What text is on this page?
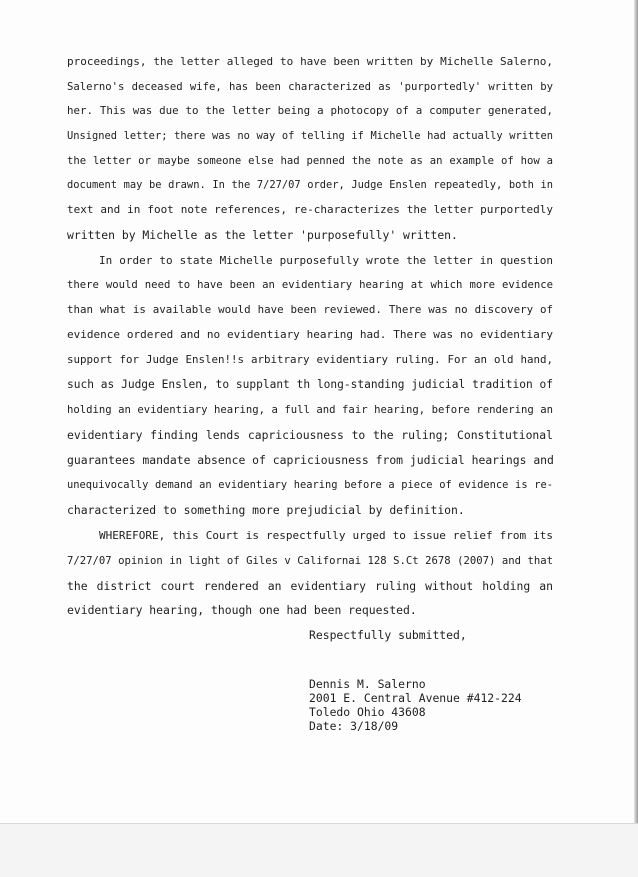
proceedings, the letter alleged to have been written by Michelle Salerno,
Salerno's deceased wife, has been characterized as 'purportedly' written by
her. This was due to the letter being a photocopy of a computer generated,
Unsigned letter; there was no way of telling if Michelle had actually written
the letter or maybe someone else had penned the note as an example of how a
document may be drawn. In the 7/27/07 order, Judge Enslen repeatedly, both in
text and in foot note references, re-characterizes the letter purportedly
written by Michelle as the letter 'purposefully' written.
In order to state Michelle purposefully wrote the letter in question
there would need to have been an evidentiary hearing at which more evidence
than what is available would have been reviewed. There was no discovery of
evidence ordered and no evidentiary hearing had. There was no evidentiary
support for Judge Enslen!!s arbitrary evidentiary ruling. For an old hand,
such as Judge Enslen, to supplant th long-standing judicial tradition of
holding an evidentiary hearing, a full and fair hearing, before rendering an
evidentiary finding lends capriciousness to the ruling; Constitutional
guarantees mandate absence of capriciousness from judicial hearings and
unequivocally demand an evidentiary hearing before a piece of evidence is re-
characterized to something more prejudicial by definition.
WHEREFORE, this Court is respectfully urged to issue relief from its
7/27/07 opinion in light of Giles v Californai 128 S.Ct 2678 (2007) and that
the district court rendered an evidentiary ruling without holding an
evidentiary hearing, though one had been requested.
Respectfully submitted,
Dennis M. Salerno
2001 E. Central Avenue #412-224
Toledo Ohio 43608
Date: 3/18/09
